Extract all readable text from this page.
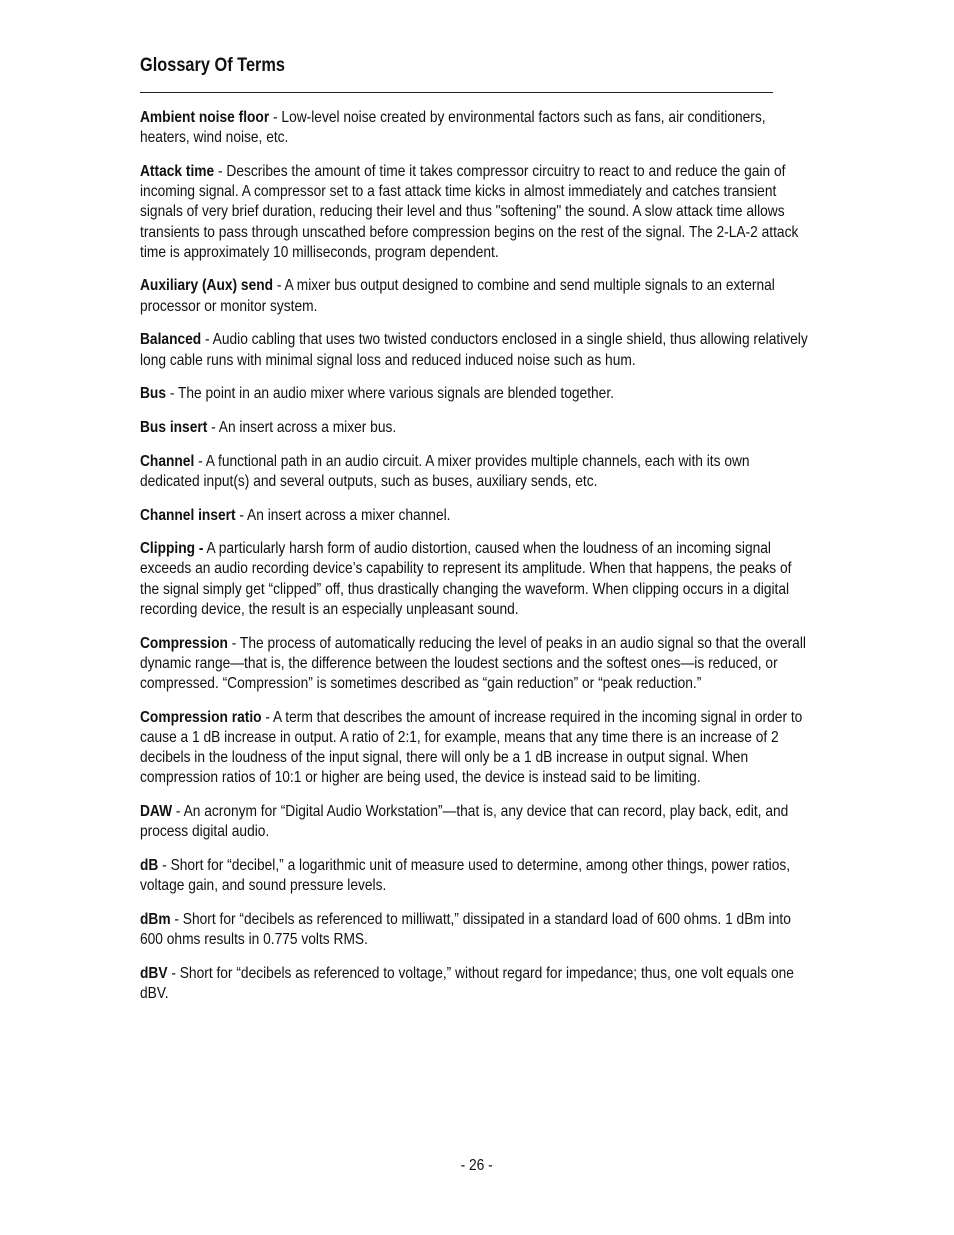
Glossary Of Terms

Ambient noise floor - Low-level noise created by environmental factors such as fans, air conditioners, heaters, wind noise, etc.

Attack time - Describes the amount of time it takes compressor circuitry to react to and reduce the gain of incoming signal. A compressor set to a fast attack time kicks in almost immediately and catches transient signals of very brief duration, reducing their level and thus "softening" the sound. A slow attack time allows transients to pass through unscathed before compression begins on the rest of the signal. The 2-LA-2 attack time is approximately 10 milliseconds, program dependent.

Auxiliary (Aux) send - A mixer bus output designed to combine and send multiple signals to an external processor or monitor system.

Balanced - Audio cabling that uses two twisted conductors enclosed in a single shield, thus allowing relatively long cable runs with minimal signal loss and reduced induced noise such as hum.

Bus - The point in an audio mixer where various signals are blended together.

Bus insert - An insert across a mixer bus.

Channel - A functional path in an audio circuit. A mixer provides multiple channels, each with its own dedicated input(s) and several outputs, such as buses, auxiliary sends, etc.

Channel insert - An insert across a mixer channel.

Clipping - A particularly harsh form of audio distortion, caused when the loudness of an incoming signal exceeds an audio recording device’s capability to represent its amplitude. When that happens, the peaks of the signal simply get “clipped” off, thus drastically changing the waveform. When clipping occurs in a digital recording device, the result is an especially unpleasant sound.

Compression - The process of automatically reducing the level of peaks in an audio signal so that the overall dynamic range—that is, the difference between the loudest sections and the softest ones—is reduced, or compressed. “Compression” is sometimes described as “gain reduction” or “peak reduction.”

Compression ratio - A term that describes the amount of increase required in the incoming signal in order to cause a 1 dB increase in output. A ratio of 2:1, for example, means that any time there is an increase of 2 decibels in the loudness of the input signal, there will only be a 1 dB increase in output signal. When compression ratios of 10:1 or higher are being used, the device is instead said to be limiting.

DAW - An acronym for “Digital Audio Workstation”—that is, any device that can record, play back, edit, and process digital audio.

dB - Short for “decibel,” a logarithmic unit of measure used to determine, among other things, power ratios, voltage gain, and sound pressure levels.

dBm - Short for “decibels as referenced to milliwatt,” dissipated in a standard load of 600 ohms. 1 dBm into 600 ohms results in 0.775 volts RMS.

dBV - Short for “decibels as referenced to voltage,” without regard for impedance; thus, one volt equals one dBV.

- 26 -
